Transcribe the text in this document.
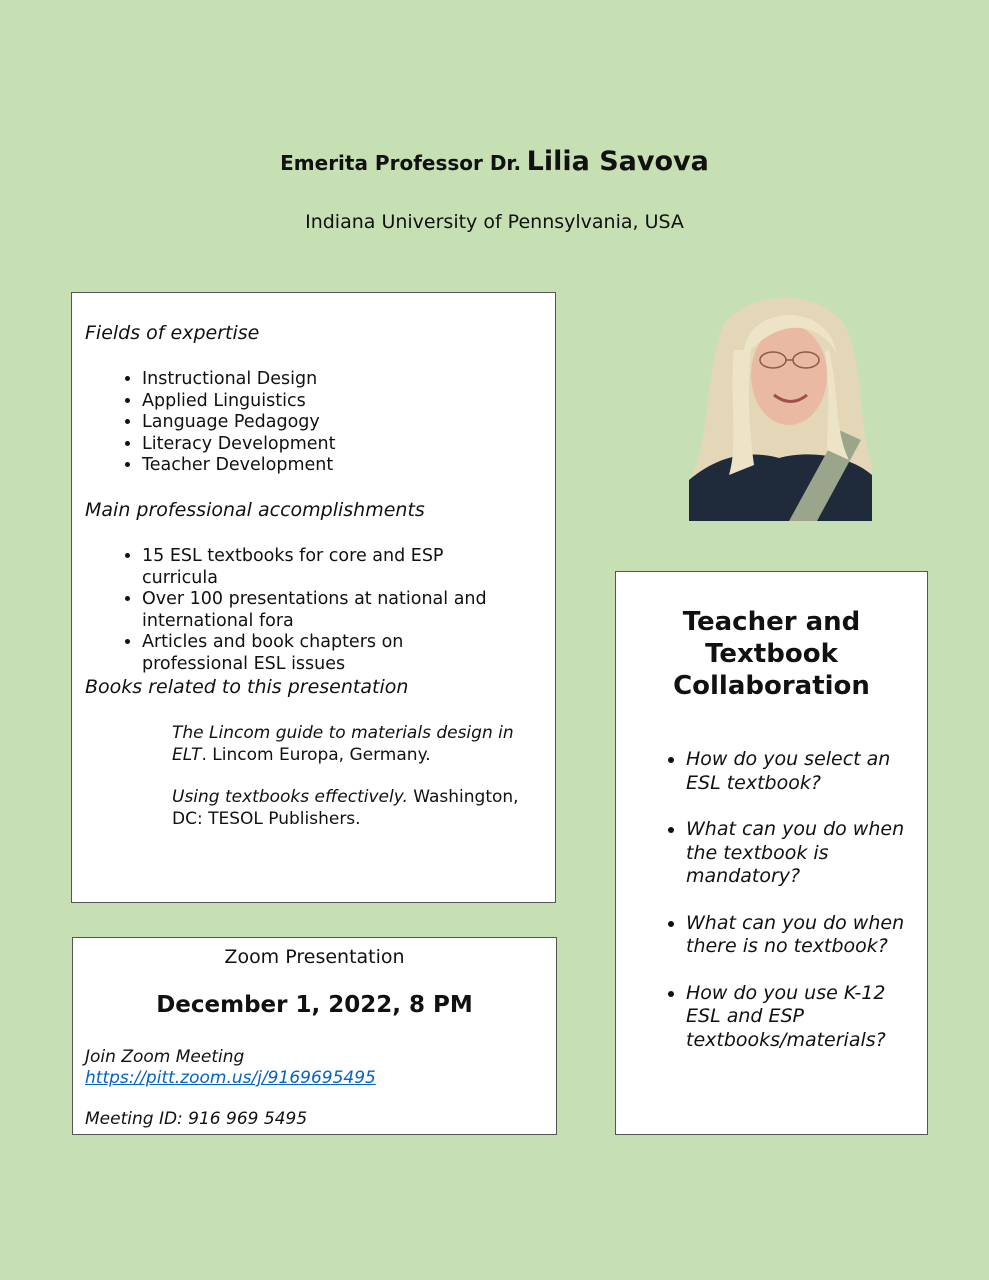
Emerita Professor Dr. Lilia Savova
Indiana University of Pennsylvania, USA
Fields of expertise
• Instructional Design
• Applied Linguistics
• Language Pedagogy
• Literacy Development
• Teacher Development
Main professional accomplishments
• 15 ESL textbooks for core and ESP curricula
• Over 100 presentations at national and international fora
• Articles and book chapters on professional ESL issues
Books related to this presentation
The Lincom guide to materials design in ELT. Lincom Europa, Germany.
Using textbooks effectively. Washington, DC: TESOL Publishers.
Zoom Presentation
December 1, 2022, 8 PM
Join Zoom Meeting
https://pitt.zoom.us/j/9169695495
Meeting ID: 916 969 5495
Teacher and Textbook Collaboration
• How do you select an ESL textbook?
• What can you do when the textbook is mandatory?
• What can you do when there is no textbook?
• How do you use K-12 ESL and ESP textbooks/materials?
